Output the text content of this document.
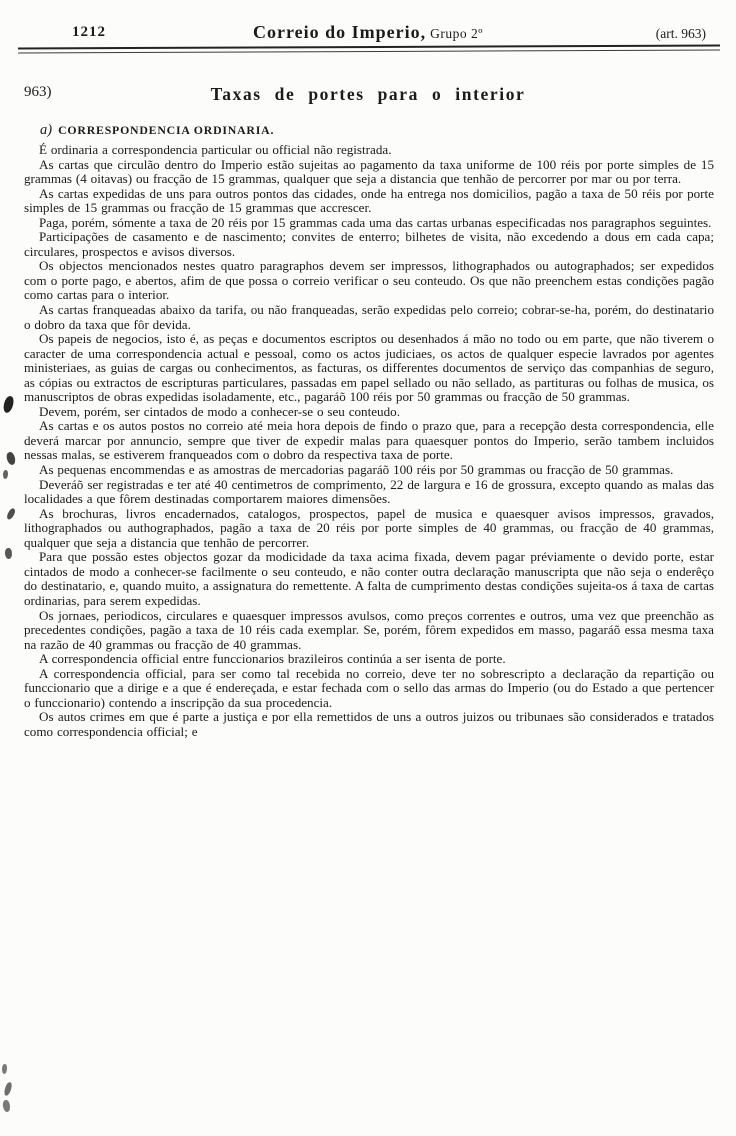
1212	Correio do Imperio, Grupo 2º	(art. 963)
963)	Taxas de portes para o interior
a) CORRESPONDENCIA ORDINARIA.

É ordinaria a correspondencia particular ou official não registrada.

As cartas que circulão dentro do Imperio estão sujeitas ao pagamento da taxa uniforme de 100 réis por porte simples de 15 grammas (4 oitavas) ou fracção de 15 grammas, qualquer que seja a distancia que tenhão de percorrer por mar ou por terra.

As cartas expedidas de uns para outros pontos das cidades, onde ha entrega nos domicilios, pagão a taxa de 50 réis por porte simples de 15 grammas ou fracção de 15 grammas que accrescer.

Paga, porém, sómente a taxa de 20 réis por 15 grammas cada uma das cartas urbanas especificadas nos paragraphos seguintes.

Participações de casamento e de nascimento; convites de enterro; bilhetes de visita, não excedendo a dous em cada capa; circulares, prospectos e avisos diversos.

Os objectos mencionados nestes quatro paragraphos devem ser impressos, lithographados ou autographados; ser expedidos com o porte pago, e abertos, afim de que possa o correio verificar o seu conteudo. Os que não preenchem estas condições pagão como cartas para o interior.

As cartas franqueadas abaixo da tarifa, ou não franqueadas, serão expedidas pelo correio; cobrar-se-ha, porém, do destinatario o dobro da taxa que fôr devida.

Os papeis de negocios, isto é, as peças e documentos escriptos ou desenhados á mão no todo ou em parte, que não tiverem o caracter de uma correspondencia actual e pessoal, como os actos judiciaes, os actos de qualquer especie lavrados por agentes ministeriaes, as guias de cargas ou conhecimentos, as facturas, os differentes documentos de serviço das companhias de seguro, as cópias ou extractos de escripturas particulares, passadas em papel sellado ou não sellado, as partituras ou folhas de musica, os manuscriptos de obras expedidas isoladamente, etc., pagaráõ 100 réis por 50 grammas ou fracção de 50 grammas.

Devem, porém, ser cintados de modo a conhecer-se o seu conteudo.

As cartas e os autos postos no correio até meia hora depois de findo o prazo que, para a recepção desta correspondencia, elle deverá marcar por annuncio, sempre que tiver de expedir malas para quaesquer pontos do Imperio, serão tambem incluidos nessas malas, se estiverem franqueados com o dobro da respectiva taxa de porte.

As pequenas encommendas e as amostras de mercadorias pagaráõ 100 réis por 50 grammas ou fracção de 50 grammas.

Deveráõ ser registradas e ter até 40 centimetros de comprimento, 22 de largura e 16 de grossura, excepto quando as malas das localidades a que fôrem destinadas comportarem maiores dimensões.

As brochuras, livros encadernados, catalogos, prospectos, papel de musica e quaesquer avisos impressos, gravados, lithographados ou authographados, pagão a taxa de 20 réis por porte simples de 40 grammas, ou fracção de 40 grammas, qualquer que seja a distancia que tenhão de percorrer.

Para que possão estes objectos gozar da modicidade da taxa acima fixada, devem pagar préviamente o devido porte, estar cintados de modo a conhecer-se facilmente o seu conteudo, e não conter outra declaração manuscripta que não seja o enderêço do destinatario, e, quando muito, a assignatura do remettente. A falta de cumprimento destas condições sujeita-os á taxa de cartas ordinarias, para serem expedidas.

Os jornaes, periodicos, circulares e quaesquer impressos avulsos, como preços correntes e outros, uma vez que preenchão as precedentes condições, pagão a taxa de 10 réis cada exemplar. Se, porém, fôrem expedidos em masso, pagaráõ essa mesma taxa na razão de 40 grammas ou fracção de 40 grammas.

A correspondencia official entre funccionarios brazileiros continúa a ser isenta de porte.

A correspondencia official, para ser como tal recebida no correio, deve ter no sobrescripto a declaração da repartição ou funccionario que a dirige e a que é endereçada, e estar fechada com o sello das armas do Imperio (ou do Estado a que pertencer o funccionario) contendo a inscripção da sua procedencia.

Os autos crimes em que é parte a justiça e por ella remettidos de uns a outros juizos ou tribunaes são considerados e tratados como correspondencia official; e
